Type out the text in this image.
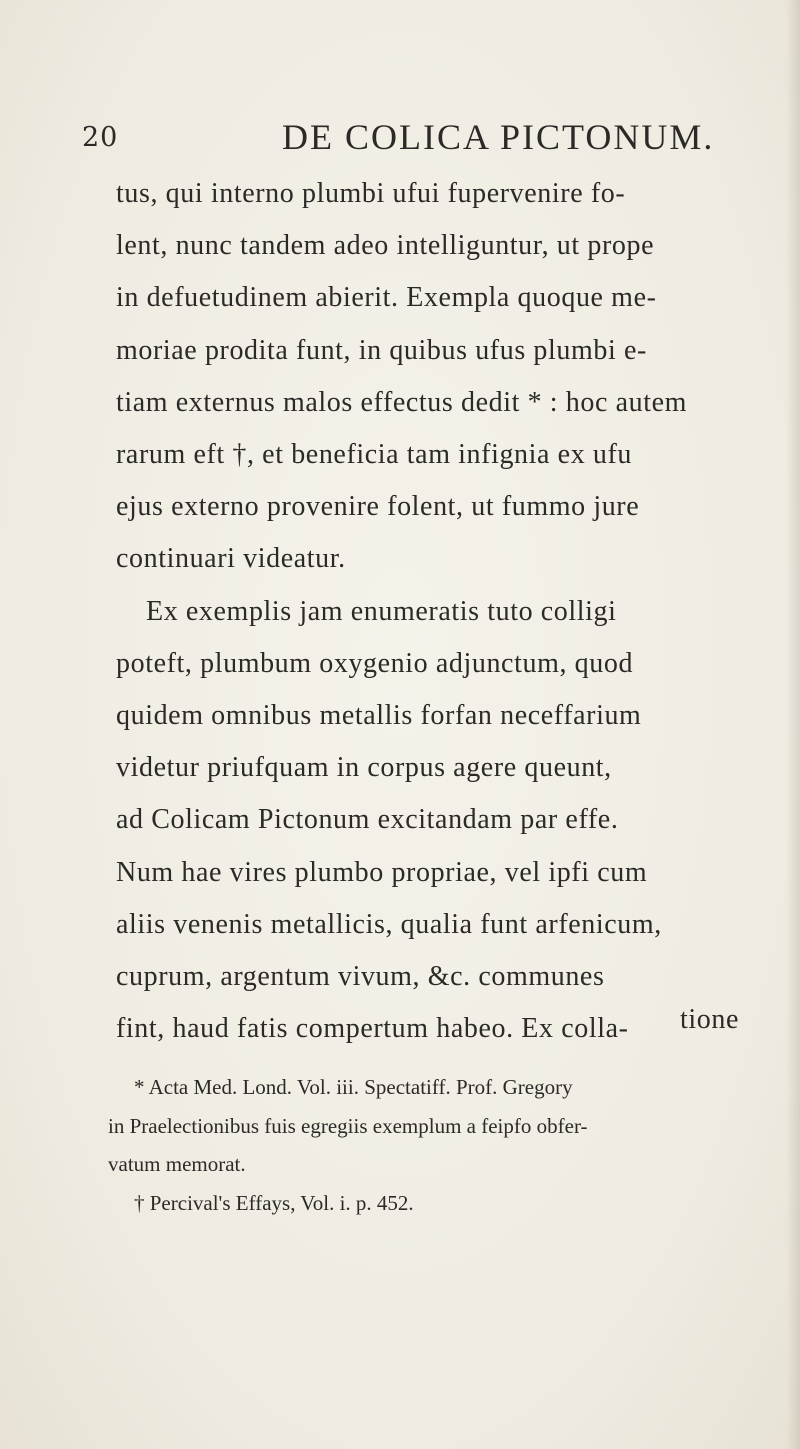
20	DE COLICA PICTONUM.
tus, qui interno plumbi ufui fupervenire fo-
lent, nunc tandem adeo intelliguntur, ut prope
in defuetudinem abierit. Exempla quoque me-
moriae prodita funt, in quibus ufus plumbi e-
tiam externus malos effectus dedit * : hoc autem
rarum eft †, et beneficia tam infignia ex ufu
ejus externo provenire folent, ut fummo jure
continuari videatur.
Ex exemplis jam enumeratis tuto colligi
poteft, plumbum oxygenio adjunctum, quod
quidem omnibus metallis forfan neceffarium
videtur priufquam in corpus agere queunt,
ad Colicam Pictonum excitandam par effe.
Num hae vires plumbo propriae, vel ipfi cum
aliis venenis metallicis, qualia funt arfenicum,
cuprum, argentum vivum, &c. communes
fint, haud fatis compertum habeo. Ex colla-	tione
* Acta Med. Lond. Vol. iii. Spectatiff. Prof. Gregory
in Praelectionibus fuis egregiis exemplum a feipfo obfer-
vatum memorat.
† Percival's Effays, Vol. i. p. 452.
